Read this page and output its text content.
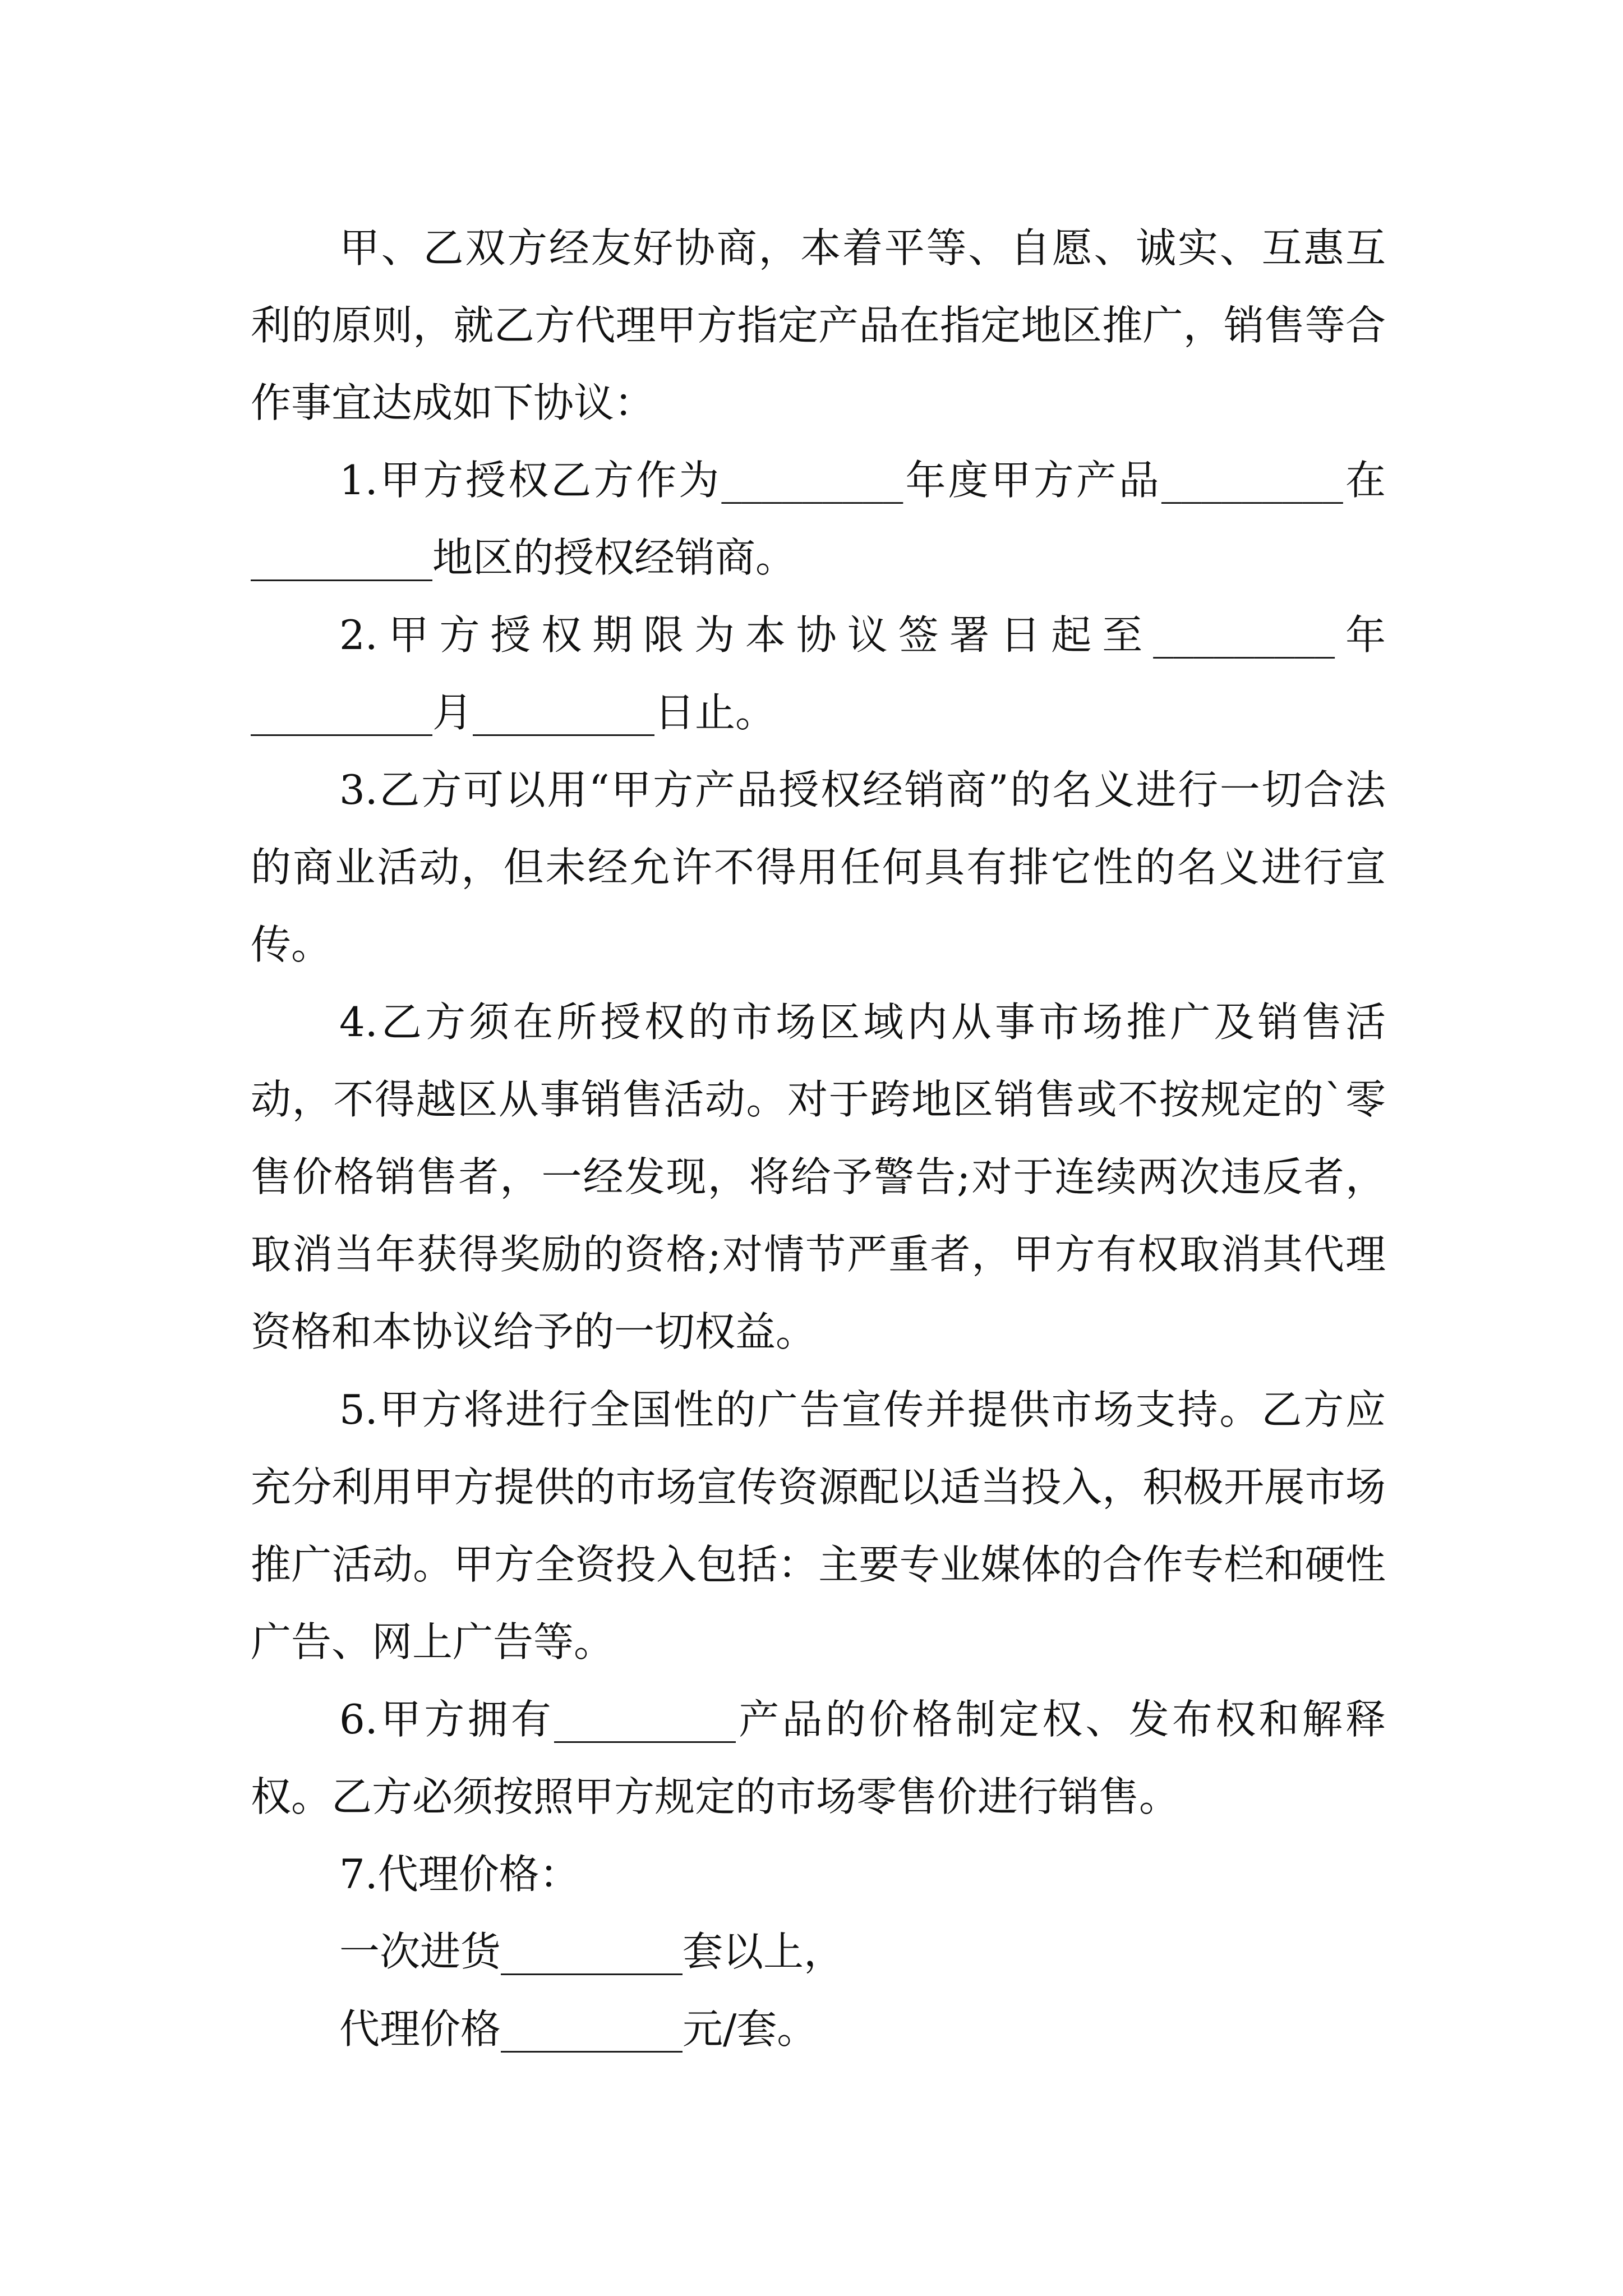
甲、乙双方经友好协商，本着平等、自愿、诚实、互惠互利的原则，就乙方代理甲方指定产品在指定地区推广，销售等合作事宜达成如下协议：

1.甲方授权乙方作为_________年度甲方产品_________在_________地区的授权经销商。

2.甲方授权期限为本协议签署日起至_________年_________月_________日止。

3.乙方可以用“甲方产品授权经销商”的名义进行一切合法的商业活动，但未经允许不得用任何具有排它性的名义进行宣传。

4.乙方须在所授权的市场区域内从事市场推广及销售活动，不得越区从事销售活动。对于跨地区销售或不按规定的`零售价格销售者，一经发现，将给予警告;对于连续两次违反者，取消当年获得奖励的资格;对情节严重者，甲方有权取消其代理资格和本协议给予的一切权益。

5.甲方将进行全国性的广告宣传并提供市场支持。乙方应充分利用甲方提供的市场宣传资源配以适当投入，积极开展市场推广活动。甲方全资投入包括：主要专业媒体的合作专栏和硬性广告、网上广告等。

6.甲方拥有_________产品的价格制定权、发布权和解释权。乙方必须按照甲方规定的市场零售价进行销售。

7.代理价格：

一次进货_________套以上，

代理价格_________元/套。
